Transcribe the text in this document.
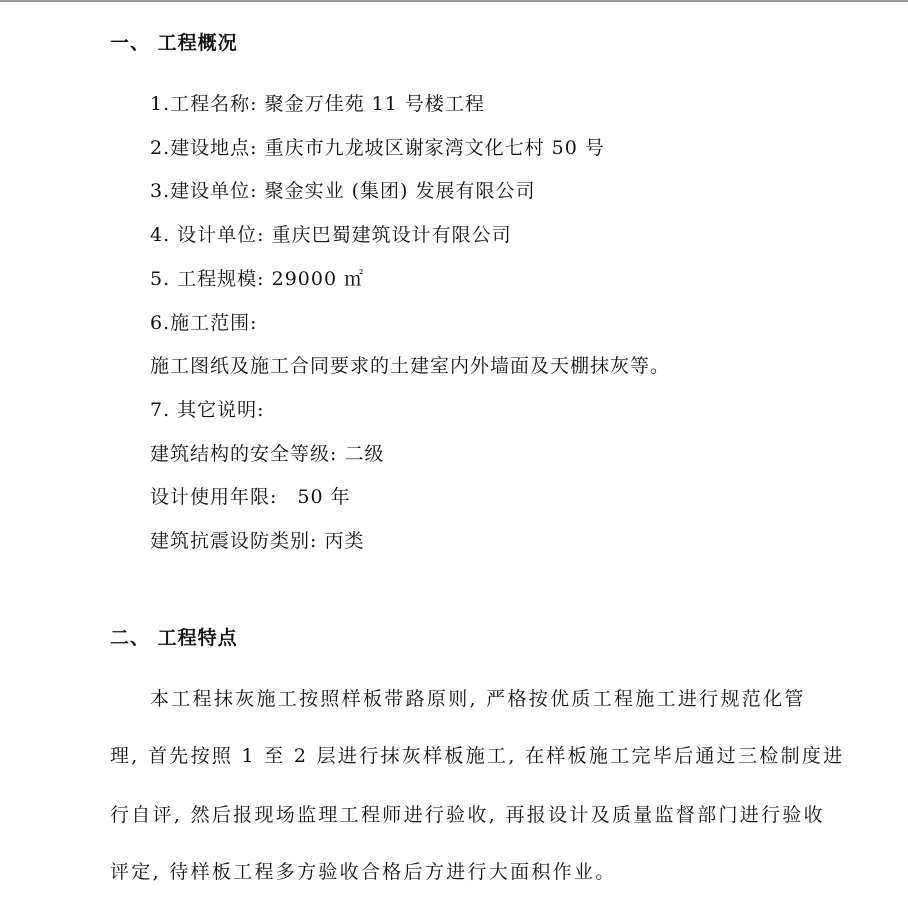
一、 工程概况
1.工程名称: 聚金万佳苑 11 号楼工程
2.建设地点: 重庆市九龙坡区谢家湾文化七村 50 号
3.建设单位: 聚金实业 (集团) 发展有限公司
4. 设计单位: 重庆巴蜀建筑设计有限公司
5. 工程规模: 29000 ㎡
6.施工范围:
施工图纸及施工合同要求的土建室内外墙面及天棚抹灰等。
7. 其它说明:
建筑结构的安全等级: 二级
设计使用年限:　50 年
建筑抗震设防类别: 丙类
二、 工程特点
本工程抹灰施工按照样板带路原则, 严格按优质工程施工进行规范化管
理, 首先按照 1 至 2 层进行抹灰样板施工, 在样板施工完毕后通过三检制度进
行自评, 然后报现场监理工程师进行验收, 再报设计及质量监督部门进行验收
评定, 待样板工程多方验收合格后方进行大面积作业。
